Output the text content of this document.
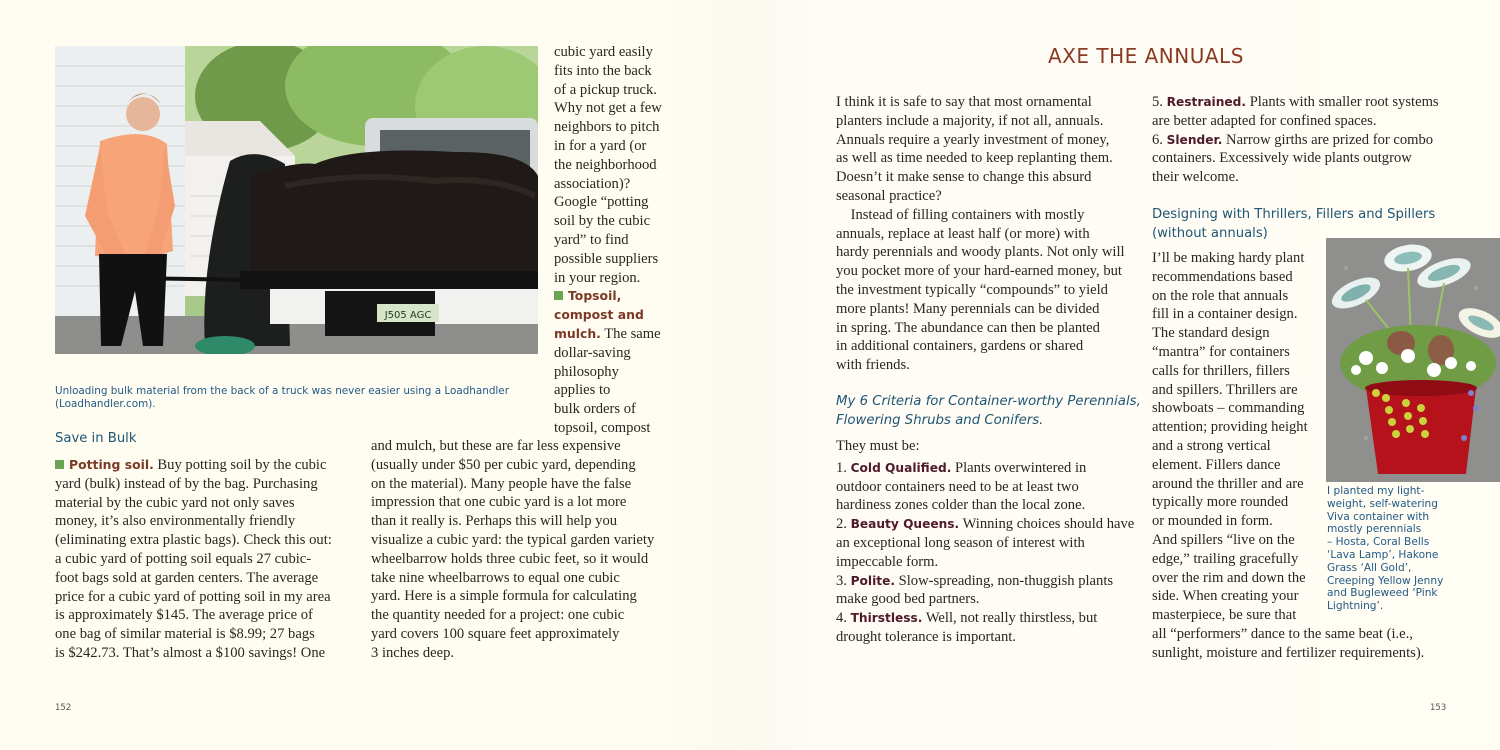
J505 AGC
Unloading bulk material from the back of a truck was never easier using a Loadhandler
(Loadhandler.com).
cubic yard easily
fits into the back
of a pickup truck.
Why not get a few
neighbors to pitch
in for a yard (or
the neighborhood
association)?
Google “potting
soil by the cubic
yard” to find
possible suppliers
in your region.
Topsoil,
compost and
mulch. The same
dollar-saving
philosophy
applies to
bulk orders of
topsoil, compost
Save in Bulk
Potting soil. Buy potting soil by the cubic
yard (bulk) instead of by the bag. Purchasing
material by the cubic yard not only saves
money, it’s also environmentally friendly
(eliminating extra plastic bags). Check this out:
a cubic yard of potting soil equals 27 cubic-
foot bags sold at garden centers. The average
price for a cubic yard of potting soil in my area
is approximately $145. The average price of
one bag of similar material is $8.99; 27 bags
is $242.73. That’s almost a $100 savings! One
and mulch, but these are far less expensive
(usually under $50 per cubic yard, depending
on the material). Many people have the false
impression that one cubic yard is a lot more
than it really is. Perhaps this will help you
visualize a cubic yard: the typical garden variety
wheelbarrow holds three cubic feet, so it would
take nine wheelbarrows to equal one cubic
yard. Here is a simple formula for calculating
the quantity needed for a project: one cubic
yard covers 100 square feet approximately
3 inches deep.
152
AXE THE ANNUALS
I think it is safe to say that most ornamental
planters include a majority, if not all, annuals.
Annuals require a yearly investment of money,
as well as time needed to keep replanting them.
Doesn’t it make sense to change this absurd
seasonal practice?
 Instead of filling containers with mostly
annuals, replace at least half (or more) with
hardy perennials and woody plants. Not only will
you pocket more of your hard-earned money, but
the investment typically “compounds” to yield
more plants! Many perennials can be divided
in spring. The abundance can then be planted
in additional containers, gardens or shared
with friends.
My 6 Criteria for Container-worthy Perennials,
Flowering Shrubs and Conifers.
They must be:
1. Cold Qualified. Plants overwintered in
outdoor containers need to be at least two
hardiness zones colder than the local zone.
2. Beauty Queens. Winning choices should have
an exceptional long season of interest with
impeccable form.
3. Polite. Slow-spreading, non-thuggish plants
make good bed partners.
4. Thirstless. Well, not really thirstless, but
drought tolerance is important.
5. Restrained. Plants with smaller root systems
are better adapted for confined spaces.
6. Slender. Narrow girths are prized for combo
containers. Excessively wide plants outgrow
their welcome.
Designing with Thrillers, Fillers and Spillers
(without annuals)
I’ll be making hardy plant
recommendations based
on the role that annuals
fill in a container design.
The standard design
“mantra” for containers
calls for thrillers, fillers
and spillers. Thrillers are
showboats – commanding
attention; providing height
and a strong vertical
element. Fillers dance
around the thriller and are
typically more rounded
or mounded in form.
And spillers “live on the
edge,” trailing gracefully
over the rim and down the
side. When creating your
masterpiece, be sure that
all “performers” dance to the same beat (i.e.,
sunlight, moisture and fertilizer requirements).
I planted my light-
weight, self-watering
Viva container with
mostly perennials
– Hosta, Coral Bells
‘Lava Lamp’, Hakone
Grass ‘All Gold’,
Creeping Yellow Jenny
and Bugleweed ‘Pink
Lightning’.
153
